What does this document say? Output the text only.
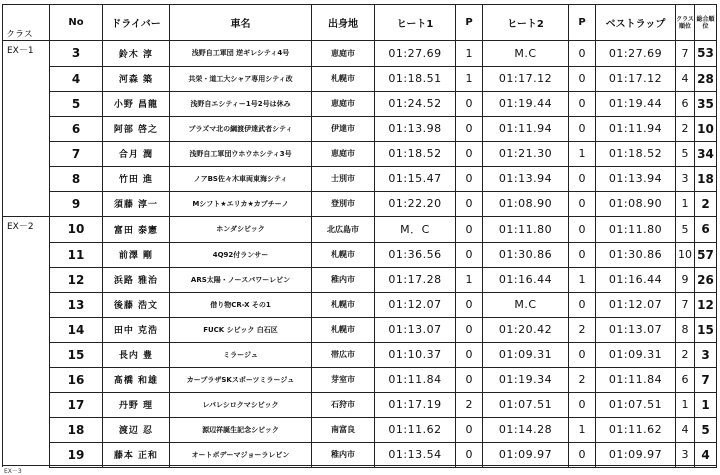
クラス	No	ドライバー	車名	出身地	ヒート1	P	ヒート2	P	ベストラップ	クラス順位	総合順位
EX－1	3	鈴木 淳	浅野自工軍団 逆ギレシティ4号	恵庭市	01:27.69	1	M.C	0	01:27.69	7	53
	4	河森 築	共栄・道工大シャア専用シティ改	札幌市	01:18.51	1	01:17.12	0	01:17.12	4	28
	5	小野 昌龍	浅野自エシティー1号2号は休み	恵庭市	01:24.52	0	01:19.44	0	01:19.44	6	35
	6	阿部 啓之	プラズマ北の綱渡伊達武者シティ	伊達市	01:13.98	0	01:11.94	0	01:11.94	2	10
	7	合月 潤	浅野自工軍団ウホウホシティ3号	恵庭市	01:18.52	0	01:21.30	1	01:18.52	5	34
	8	竹田 進	ノアBS佐々木車両東海シティ	士別市	01:15.47	0	01:13.94	0	01:13.94	3	18
	9	須藤 淳一	Mシフト★エリカ★カプチーノ	登別市	01:22.20	0	01:08.90	0	01:08.90	1	2
EX－2	10	富田 泰憲	ホンダシビック	北広島市	M．C	0	01:11.80	0	01:11.80	5	6
	11	前澤 剛	4Q92付ランサー	札幌市	01:36.56	0	01:30.86	0	01:30.86	10	57
	12	浜路 雅治	ARS太陽・ノースパワーレビン	稚内市	01:17.28	1	01:16.44	1	01:16.44	9	26
	13	後藤 浩文	借り物CR-X その1	札幌市	01:12.07	0	M.C	0	01:12.07	7	12
	14	田中 克浩	FUCK シビック 白石区	札幌市	01:13.07	0	01:20.42	2	01:13.07	8	15
	15	長内 豊	ミラージュ	帯広市	01:10.37	0	01:09.31	0	01:09.31	2	3
	16	髙橋 和雄	カープラザSKスポーツミラージュ	芽室市	01:11.84	0	01:19.34	2	01:11.84	6	7
	17	丹野 理	レパレシロクマシビック	石狩市	01:17.19	2	01:07.51	0	01:07.51	1	1
	18	渡辺 忍	源辺祥誕生記念シビック	南富良	01:11.62	0	01:14.28	1	01:11.62	4	5
	19	藤本 正和	オートボデーマジョーラレビン	稚内市	01:13.54	0	01:09.97	0	01:09.97	3	4
EX－3
